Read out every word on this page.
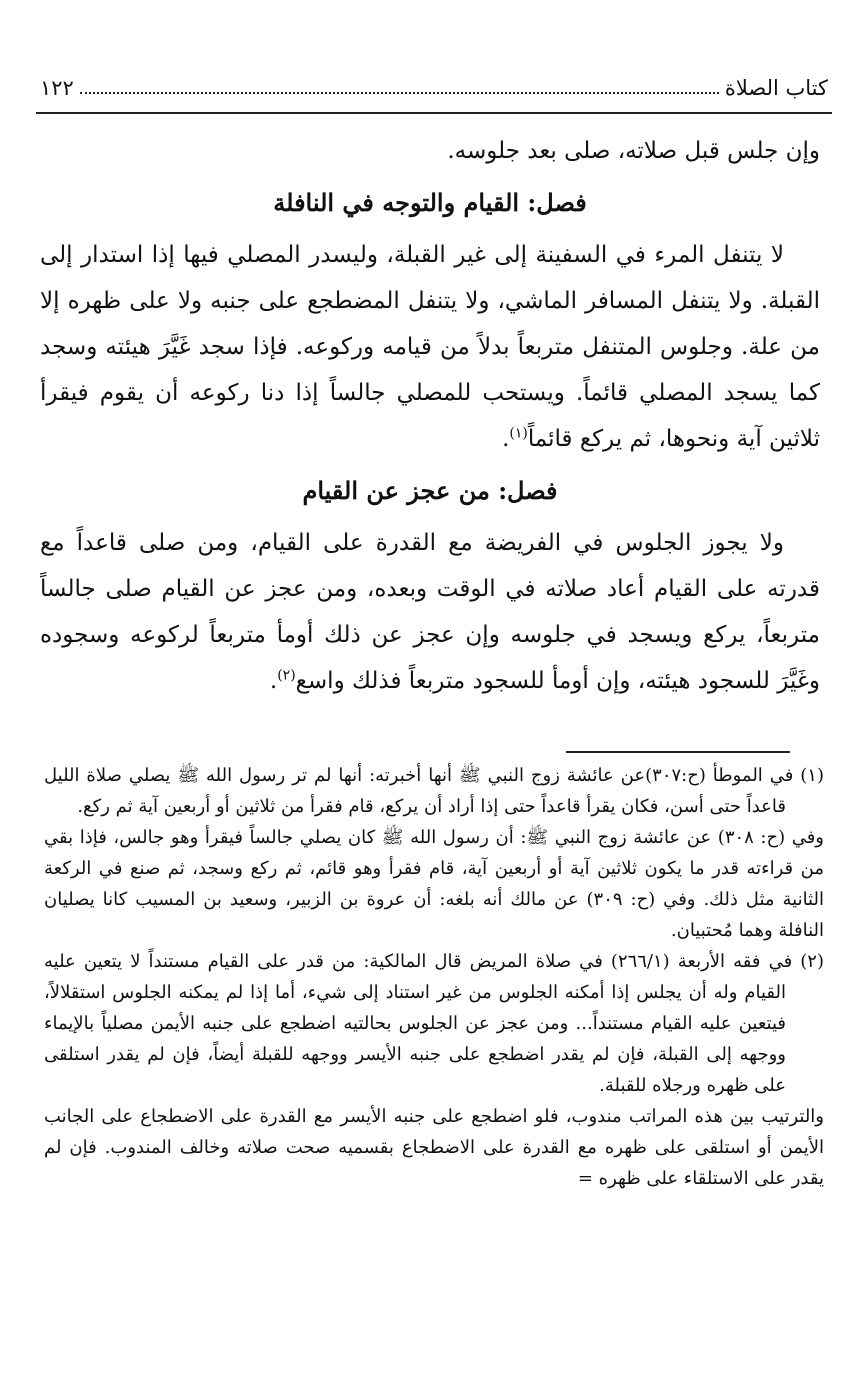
كتاب الصلاة
١٢٢

وإن جلس قبل صلاته، صلى بعد جلوسه.

فصل: القيام والتوجه في النافلة

لا يتنفل المرء في السفينة إلى غير القبلة، وليسدر المصلي فيها إذا استدار إلى القبلة. ولا يتنفل المسافر الماشي، ولا يتنفل المضطجع على جنبه ولا على ظهره إلا من علة. وجلوس المتنفل متربعاً بدلاً من قيامه وركوعه. فإذا سجد غَيَّرَ هيئته وسجد كما يسجد المصلي قائماً. ويستحب للمصلي جالساً إذا دنا ركوعه أن يقوم فيقرأ ثلاثين آية ونحوها، ثم يركع قائماً$^{(١)}$.

فصل: من عجز عن القيام

ولا يجوز الجلوس في الفريضة مع القدرة على القيام، ومن صلى قاعداً مع قدرته على القيام أعاد صلاته في الوقت وبعده، ومن عجز عن القيام صلى جالساً متربعاً، يركع ويسجد في جلوسه وإن عجز عن ذلك أومأ متربعاً لركوعه وسجوده وغَيَّرَ للسجود هيئته، وإن أومأ للسجود متربعاً فذلك واسع$^{(٢)}$.

(١) في الموطأ (ح:٣٠٧)عن عائشة زوج النبي ﷺ أنها أخبرته: أنها لم تر رسول الله ﷺ يصلي صلاة الليل قاعداً حتى أسن، فكان يقرأ قاعداً حتى إذا أراد أن يركع، قام فقرأ من ثلاثين أو أربعين آية ثم ركع.

وفي (ح: ٣٠٨) عن عائشة زوج النبي ﷺ: أن رسول الله ﷺ كان يصلي جالساً فيقرأ وهو جالس، فإذا بقي من قراءته قدر ما يكون ثلاثين آية أو أربعين آية، قام فقرأ وهو قائم، ثم ركع وسجد، ثم صنع في الركعة الثانية مثل ذلك. وفي (ح: ٣٠٩) عن مالك أنه بلغه: أن عروة بن الزبير، وسعيد بن المسيب كانا يصليان النافلة وهما مُحتبيان.

(٢) في فقه الأربعة (٢٦٦/١) في صلاة المريض قال المالكية: من قدر على القيام مستنداً لا يتعين عليه القيام وله أن يجلس إذا أمكنه الجلوس من غير استناد إلى شيء، أما إذا لم يمكنه الجلوس استقلالاً، فيتعين عليه القيام مستنداً... ومن عجز عن الجلوس بحالتيه اضطجع على جنبه الأيمن مصلياً بالإيماء ووجهه إلى القبلة، فإن لم يقدر اضطجع على جنبه الأيسر ووجهه للقبلة أيضاً، فإن لم يقدر استلقى على ظهره ورجلاه للقبلة.

والترتيب بين هذه المراتب مندوب، فلو اضطجع على جنبه الأيسر مع القدرة على الاضطجاع على الجانب الأيمن أو استلقى على ظهره مع القدرة على الاضطجاع بقسميه صحت صلاته وخالف المندوب. فإن لم يقدر على الاستلقاء على ظهره =
